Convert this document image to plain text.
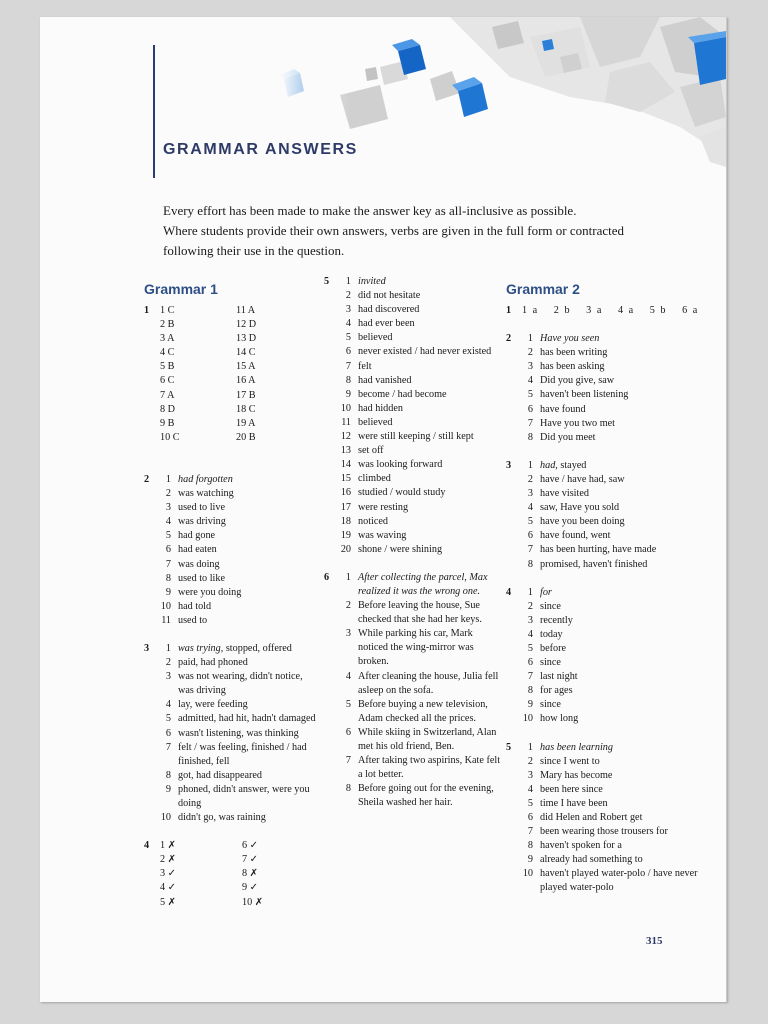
GRAMMAR ANSWERS

Every effort has been made to make the answer key as all-inclusive as possible.

Where students provide their own answers, verbs are given in the full form or contracted following their use in the question.

Grammar 1
1	1 C	11 A
2 B	12 D
3 A	13 D
4 C	14 C
5 B	15 A
6 C	16 A
7 A	17 B
8 D	18 C
9 B	19 A
10 C	20 B
2	1 had forgotten
2 was watching
3 used to live
4 was driving
5 had gone
6 had eaten
7 was doing
8 used to like
9 were you doing
10 had told
11 used to
3	1 was trying, stopped, offered
2 paid, had phoned
3 was not wearing, didn't notice, was driving
4 lay, were feeding
5 admitted, had hit, hadn't damaged
6 wasn't listening, was thinking
7 felt / was feeling, finished / had finished, fell
8 got, had disappeared
9 phoned, didn't answer, were you doing
10 didn't go, was raining
4	1 ✗	6 ✓
2 ✗	7 ✓
3 ✓	8 ✗
4 ✓	9 ✓
5 ✗	10 ✗
5	1 invited
2 did not hesitate
3 had discovered
4 had ever been
5 believed
6 never existed / had never existed
7 felt
8 had vanished
9 become / had become
10 had hidden
11 believed
12 were still keeping / still kept
13 set off
14 was looking forward
15 climbed
16 studied / would study
17 were resting
18 noticed
19 was waving
20 shone / were shining
6	1 After collecting the parcel, Max realized it was the wrong one.
2 Before leaving the house, Sue checked that she had her keys.
3 While parking his car, Mark noticed the wing-mirror was broken.
4 After cleaning the house, Julia fell asleep on the sofa.
5 Before buying a new television, Adam checked all the prices.
6 While skiing in Switzerland, Alan met his old friend, Ben.
7 After taking two aspirins, Kate felt a lot better.
8 Before going out for the evening, Sheila washed her hair.
Grammar 2
1	1 a   2 b   3 a   4 a   5 b   6 a
2	1 Have you seen
2 has been writing
3 has been asking
4 Did you give, saw
5 haven't been listening
6 have found
7 Have you two met
8 Did you meet
3	1 had, stayed
2 have / have had, saw
3 have visited
4 saw, Have you sold
5 have you been doing
6 have found, went
7 has been hurting, have made
8 promised, haven't finished
4	1 for
2 since
3 recently
4 today
5 before
6 since
7 last night
8 for ages
9 since
10 how long
5	1 has been learning
2 since I went to
3 Mary has become
4 been here since
5 time I have been
6 did Helen and Robert get
7 been wearing those trousers for
8 haven't spoken for a
9 already had something to
10 haven't played water-polo / have never played water-polo
315
